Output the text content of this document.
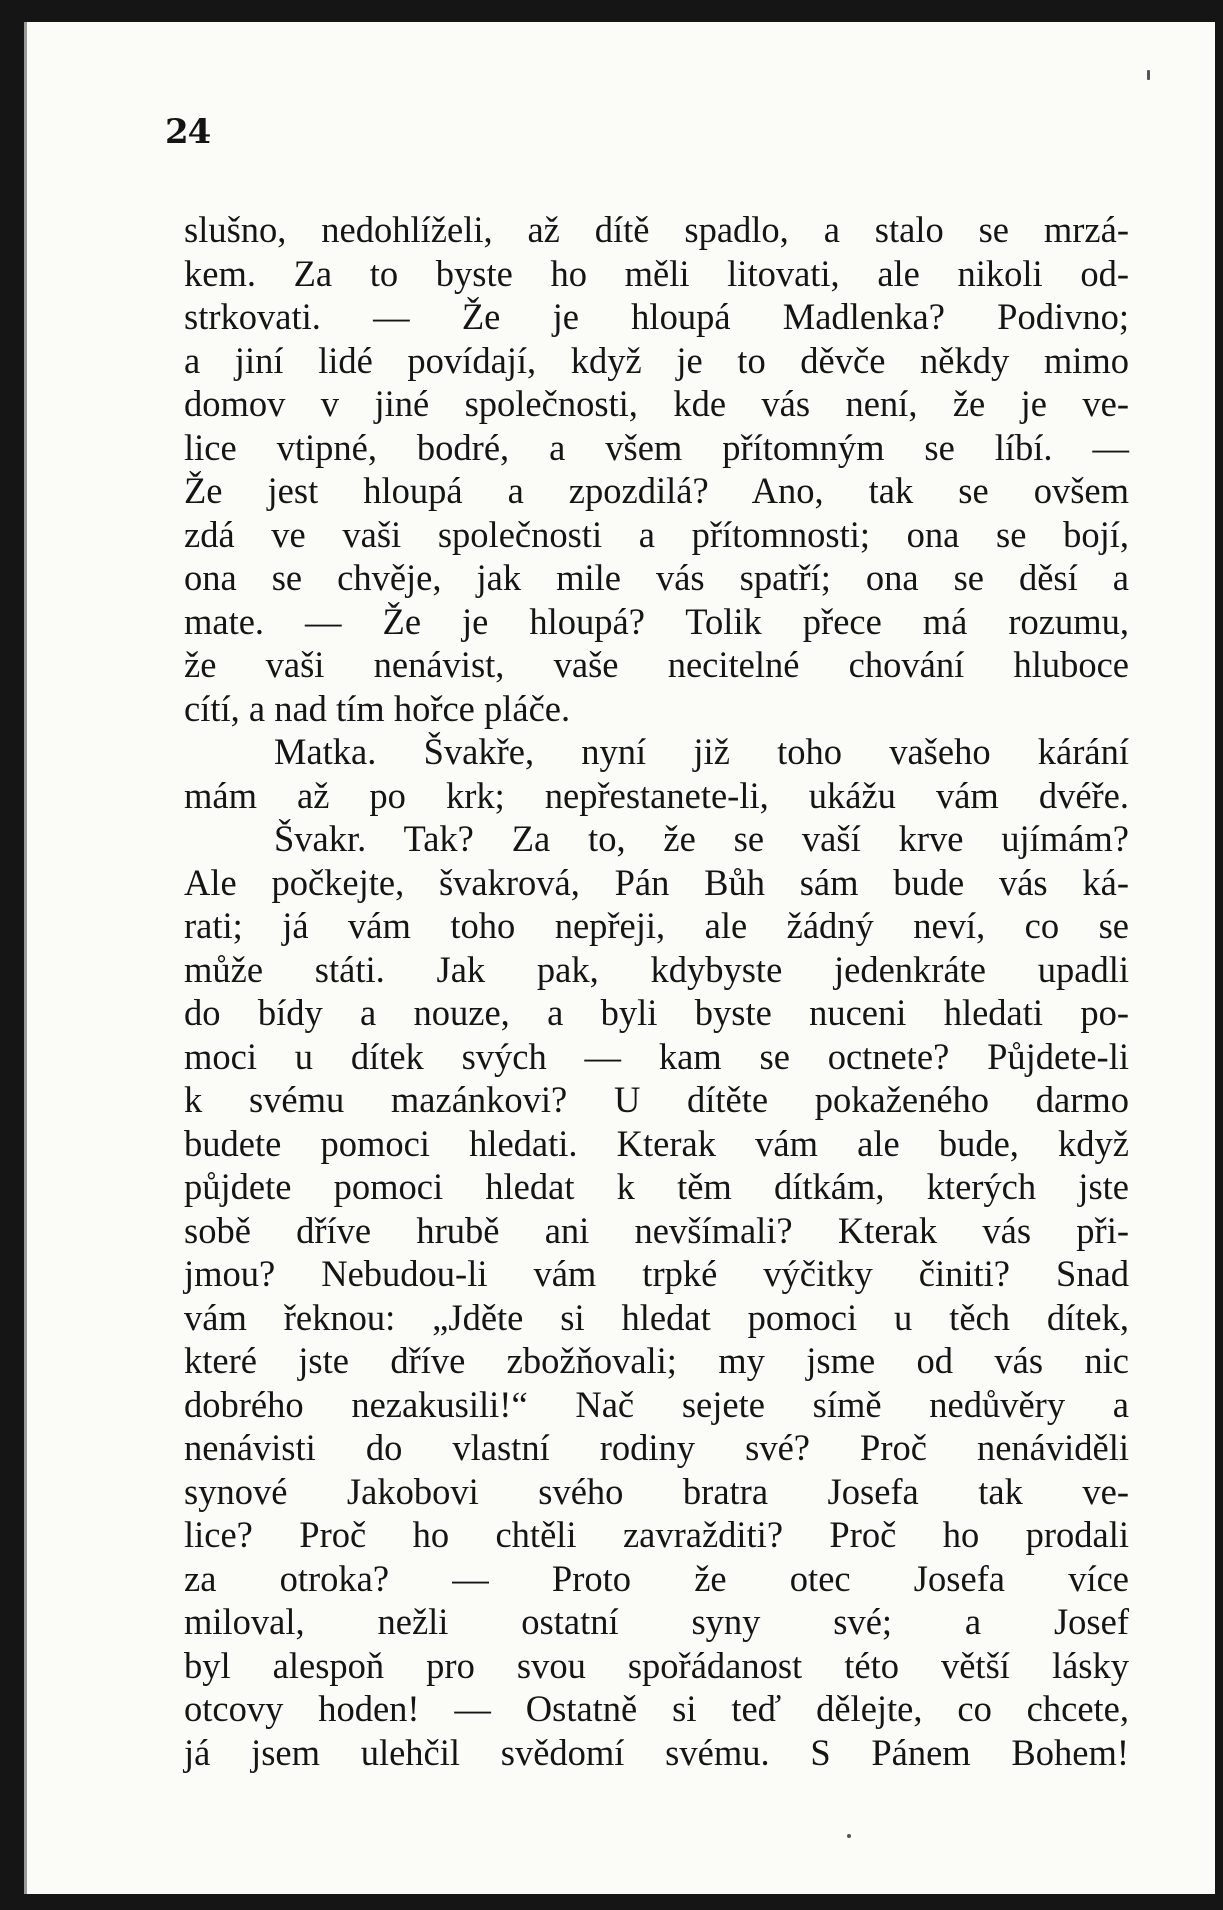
24
slušno, nedohlíželi, až dítě spadlo, a stalo se mrzá-
kem. Za to byste ho měli litovati, ale nikoli od-
strkovati. — Že je hloupá Madlenka? Podivno;
a jiní lidé povídají, když je to děvče někdy mimo
domov v jiné společnosti, kde vás není, že je ve-
lice vtipné, bodré, a všem přítomným se líbí. —
Že jest hloupá a zpozdilá? Ano, tak se ovšem
zdá ve vaši společnosti a přítomnosti; ona se bojí,
ona se chvěje, jak mile vás spatří; ona se děsí a
mate. — Že je hloupá? Tolik přece má rozumu,
že vaši nenávist, vaše necitelné chování hluboce
cítí, a nad tím hořce pláče.
Matka. Švakře, nyní již toho vašeho kárání
mám až po krk; nepřestanete-li, ukážu vám dvéře.
Švakr. Tak? Za to, že se vaší krve ujímám?
Ale počkejte, švakrová, Pán Bůh sám bude vás ká-
rati; já vám toho nepřeji, ale žádný neví, co se
může státi. Jak pak, kdybyste jedenkráte upadli
do bídy a nouze, a byli byste nuceni hledati po-
moci u dítek svých — kam se octnete? Půjdete-li
k svému mazánkovi? U dítěte pokaženého darmo
budete pomoci hledati. Kterak vám ale bude, když
půjdete pomoci hledat k těm dítkám, kterých jste
sobě dříve hrubě ani nevšímali? Kterak vás při-
jmou? Nebudou-li vám trpké výčitky činiti? Snad
vám řeknou: „Jděte si hledat pomoci u těch dítek,
které jste dříve zbožňovali; my jsme od vás nic
dobrého nezakusili!“ Nač sejete símě nedůvěry a
nenávisti do vlastní rodiny své? Proč nenáviděli
synové Jakobovi svého bratra Josefa tak ve-
lice? Proč ho chtěli zavražditi? Proč ho prodali
za otroka? — Proto že otec Josefa více
miloval, nežli ostatní syny své; a Josef
byl alespoň pro svou spořádanost této větší lásky
otcovy hoden! — Ostatně si teď dělejte, co chcete,
já jsem ulehčil svědomí svému. S Pánem Bohem!
